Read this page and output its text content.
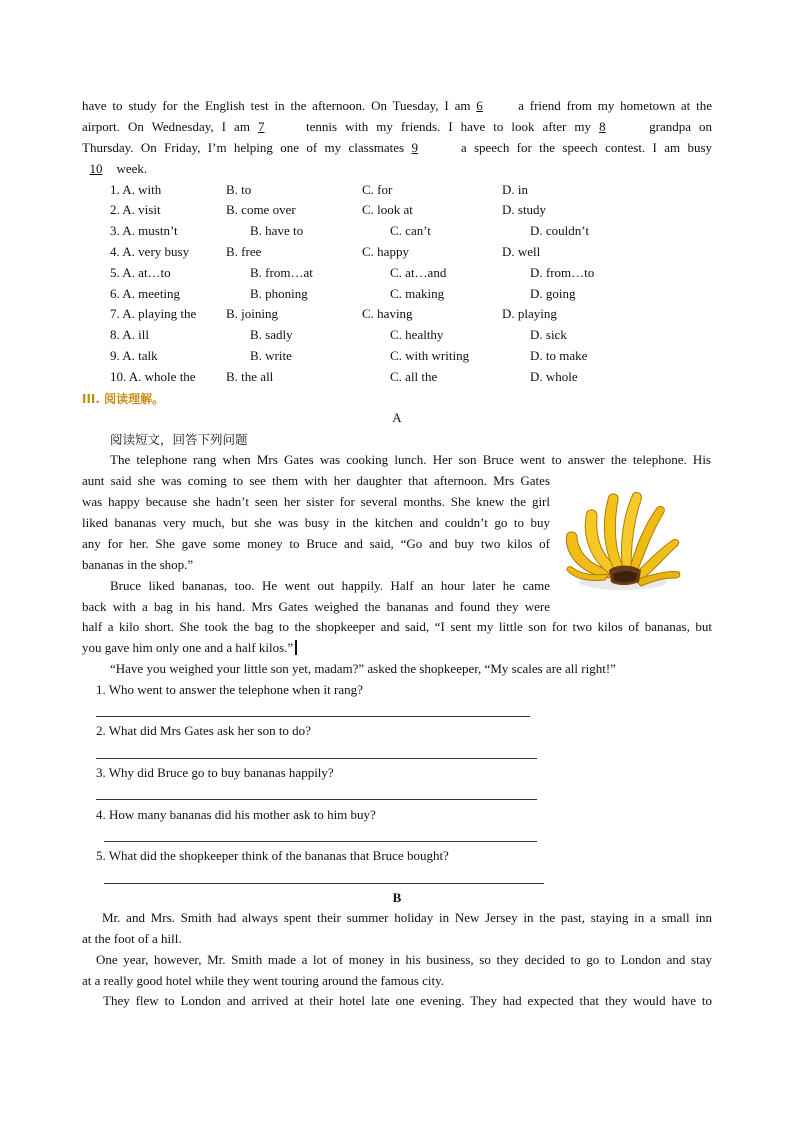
have to study for the English test in the afternoon. On Tuesday, I am 6	a friend from my hometown at the
airport. On Wednesday, I am 7	tennis with my friends. I have to look after my 8	grandpa on
Thursday. On Friday, I’m helping one of my classmates 9	a speech for the speech contest. I am busy
10 week.
1. A. with	B. to	C. for	D. in
2. A. visit	B. come over	C. look at	D. study
3. A. mustn’t	B. have to	C. can’t	D. couldn’t
4. A. very busy	B. free	C. happy	D. well
5. A. at…to	B. from…at	C. at…and	D. from…to
6. A. meeting	B. phoning	C. making	D. going
7. A. playing the B. joining	C. having	D. playing
8. A. ill	B. sadly	C. healthy	D. sick
9. A. talk	B. write	C. with writing	D. to make
10. A. whole the B. the all	C. all the	D. whole
III. 阅读理解。
A
阅读短文，回答下列问题
The telephone rang when Mrs Gates was cooking lunch. Her son Bruce went to answer the telephone. His
aunt said she was coming to see them with her daughter that afternoon. Mrs Gates
was happy because she hadn’t seen her sister for several months. She knew the girl
liked bananas very much, but she was busy in the kitchen and couldn’t go to buy
any for her. She gave some money to Bruce and said, “Go and buy two kilos of
bananas in the shop.”
Bruce liked bananas, too. He went out happily. Half an hour later he came
back with a bag in his hand. Mrs Gates weighed the bananas and found they were
half a kilo short. She took the bag to the shopkeeper and said, “I sent my little son for two kilos of bananas, but
you gave him only one and a half kilos.”
“Have you weighed your little son yet, madam?” asked the shopkeeper, “My scales are all right!”
1. Who went to answer the telephone when it rang?
2. What did Mrs Gates ask her son to do?
3. Why did Bruce go to buy bananas happily?
4. How many bananas did his mother ask to him buy?
5. What did the shopkeeper think of the bananas that Bruce bought?
B
Mr. and Mrs. Smith had always spent their summer holiday in New Jersey in the past, staying in a small inn
at the foot of a hill.
One year, however, Mr. Smith made a lot of money in his business, so they decided to go to London and stay
at a really good hotel while they went touring around the famous city.
They flew to London and arrived at their hotel late one evening. They had expected that they would have to
